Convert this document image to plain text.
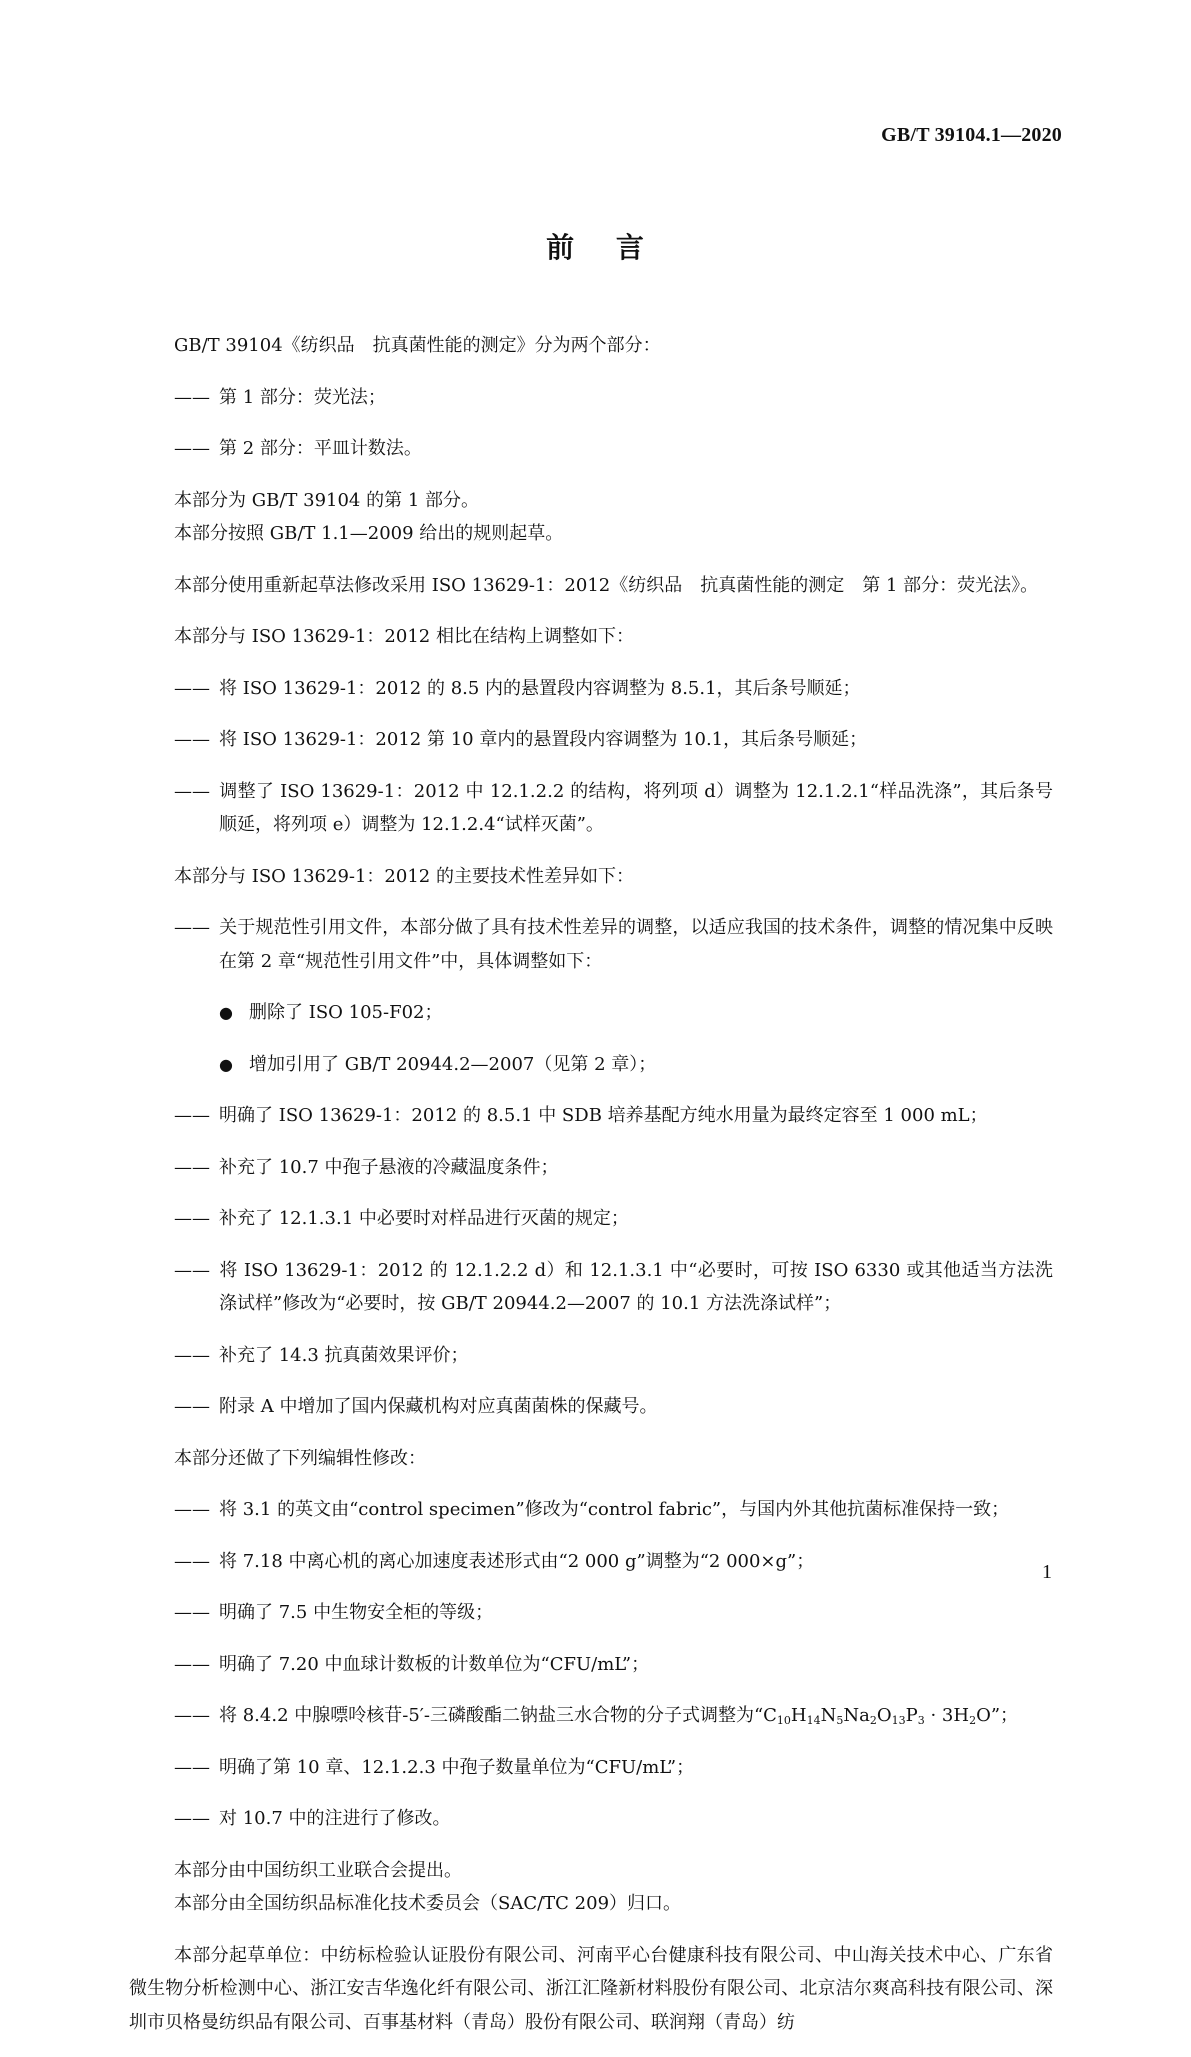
GB/T 39104.1—2020
前 言

GB/T 39104《纺织品　抗真菌性能的测定》分为两个部分：

—— 第 1 部分：荧光法；

—— 第 2 部分：平皿计数法。

本部分为 GB/T 39104 的第 1 部分。

本部分按照 GB/T 1.1—2009 给出的规则起草。

本部分使用重新起草法修改采用 ISO 13629-1：2012《纺织品　抗真菌性能的测定　第 1 部分：荧光法》。

本部分与 ISO 13629-1：2012 相比在结构上调整如下：

—— 将 ISO 13629-1：2012 的 8.5 内的悬置段内容调整为 8.5.1，其后条号顺延；

—— 将 ISO 13629-1：2012 第 10 章内的悬置段内容调整为 10.1，其后条号顺延；

—— 调整了 ISO 13629-1：2012 中 12.1.2.2 的结构，将列项 d）调整为 12.1.2.1“样品洗涤”，其后条号顺延，将列项 e）调整为 12.1.2.4“试样灭菌”。

本部分与 ISO 13629-1：2012 的主要技术性差异如下：

—— 关于规范性引用文件，本部分做了具有技术性差异的调整，以适应我国的技术条件，调整的情况集中反映在第 2 章“规范性引用文件”中，具体调整如下：

● 删除了 ISO 105-F02；

● 增加引用了 GB/T 20944.2—2007（见第 2 章）；

—— 明确了 ISO 13629-1：2012 的 8.5.1 中 SDB 培养基配方纯水用量为最终定容至 1 000 mL；

—— 补充了 10.7 中孢子悬液的冷藏温度条件；

—— 补充了 12.1.3.1 中必要时对样品进行灭菌的规定；

—— 将 ISO 13629-1：2012 的 12.1.2.2 d）和 12.1.3.1 中“必要时，可按 ISO 6330 或其他适当方法洗涤试样”修改为“必要时，按 GB/T 20944.2—2007 的 10.1 方法洗涤试样”；

—— 补充了 14.3 抗真菌效果评价；

—— 附录 A 中增加了国内保藏机构对应真菌菌株的保藏号。

本部分还做了下列编辑性修改：

—— 将 3.1 的英文由“control specimen”修改为“control fabric”，与国内外其他抗菌标准保持一致；

—— 将 7.18 中离心机的离心加速度表述形式由“2 000 g”调整为“2 000×g”；

—— 明确了 7.5 中生物安全柜的等级；

—— 明确了 7.20 中血球计数板的计数单位为“CFU/mL”；

—— 将 8.4.2 中腺嘌呤核苷-5′-三磷酸酯二钠盐三水合物的分子式调整为“$C_{10}H_{14}N_5Na_2O_{13}P_3 \cdot 3H_2O$”；

—— 明确了第 10 章、12.1.2.3 中孢子数量单位为“CFU/mL”；

—— 对 10.7 中的注进行了修改。

本部分由中国纺织工业联合会提出。

本部分由全国纺织品标准化技术委员会（SAC/TC 209）归口。

本部分起草单位：中纺标检验认证股份有限公司、河南平心台健康科技有限公司、中山海关技术中心、广东省微生物分析检测中心、浙江安吉华逸化纤有限公司、浙江汇隆新材料股份有限公司、北京洁尔爽高科技有限公司、深圳市贝格曼纺织品有限公司、百事基材料（青岛）股份有限公司、联润翔（青岛）纺

1
